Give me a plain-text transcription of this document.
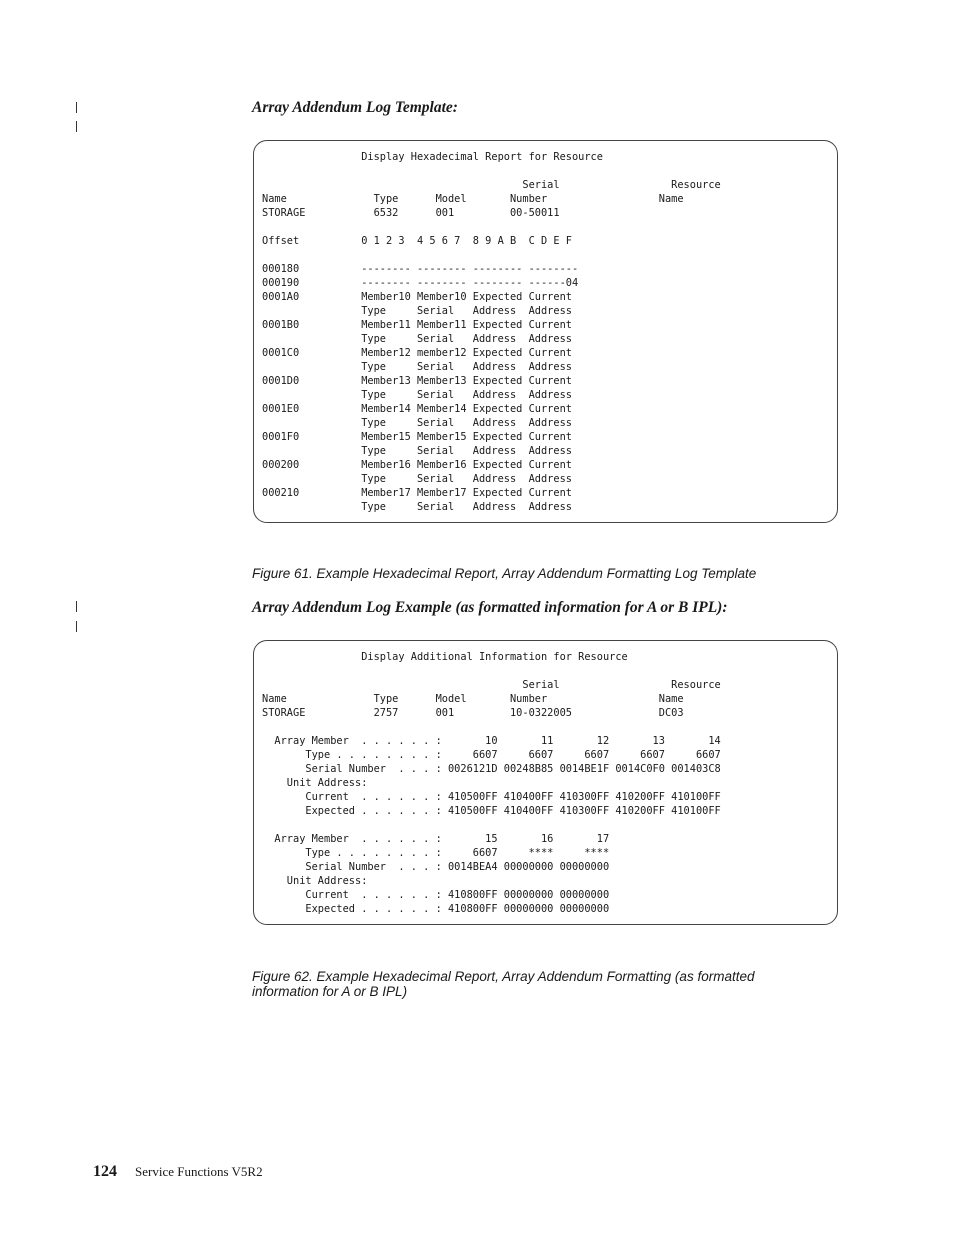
Array Addendum Log Template:
Display Hexadecimal Report for Resource

Serial                  Resource
Name              Type      Model       Number                  Name
STORAGE           6532      001         00-50011

Offset          0 1 2 3  4 5 6 7  8 9 A B  C D E F

000180          -------- -------- -------- --------
000190          -------- -------- -------- ------04
0001A0          Member10 Member10 Expected Current
Type     Serial   Address  Address
0001B0          Member11 Member11 Expected Current
Type     Serial   Address  Address
0001C0          Member12 member12 Expected Current
Type     Serial   Address  Address
0001D0          Member13 Member13 Expected Current
Type     Serial   Address  Address
0001E0          Member14 Member14 Expected Current
Type     Serial   Address  Address
0001F0          Member15 Member15 Expected Current
Type     Serial   Address  Address
000200          Member16 Member16 Expected Current
Type     Serial   Address  Address
000210          Member17 Member17 Expected Current
Type     Serial   Address  Address

Figure 61. Example Hexadecimal Report, Array Addendum Formatting Log Template

Array Addendum Log Example (as formatted information for A or B IPL):
Display Additional Information for Resource

Serial                  Resource
Name              Type      Model       Number                  Name
STORAGE           2757      001         10-0322005              DC03

Array Member  . . . . . . :       10       11       12       13       14
Type . . . . . . . . :     6607     6607     6607     6607     6607
Serial Number  . . . : 0026121D 00248B85 0014BE1F 0014C0F0 001403C8
Unit Address:
Current  . . . . . . : 410500FF 410400FF 410300FF 410200FF 410100FF
Expected . . . . . . : 410500FF 410400FF 410300FF 410200FF 410100FF

Array Member  . . . . . . :       15       16       17
Type . . . . . . . . :     6607     ****     ****
Serial Number  . . . : 0014BEA4 00000000 00000000
Unit Address:
Current  . . . . . . : 410800FF 00000000 00000000
Expected . . . . . . : 410800FF 00000000 00000000

Figure 62. Example Hexadecimal Report, Array Addendum Formatting (as formatted information for A or B IPL)

124 Service Functions V5R2
